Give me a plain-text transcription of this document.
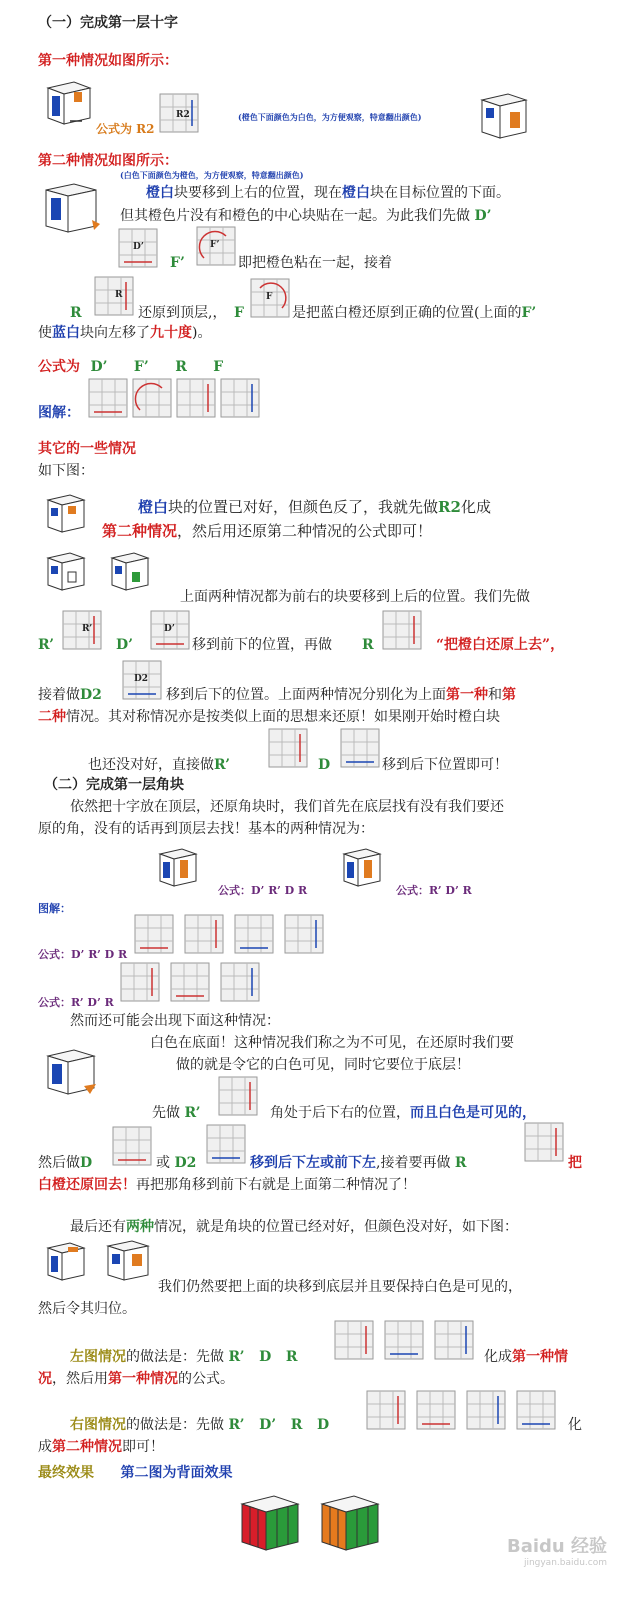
（一）完成第一层十字
第一种情况如图所示：
公式为 R2
R2	(橙色下面颜色为白色，为方便观察，特意翻出颜色)
第二种情况如图所示：
(白色下面颜色为橙色，为方便观察，特意翻出颜色)
橙白块要移到上右的位置，现在橙白块在目标位置的下面。
但其橙色片没有和橙色的中心块贴在一起。为此我们先做 D’
D’
F’
F’
即把橙色粘在一起，接着
R
R
还原到顶层,， F
F
是把蓝白橙还原到正确的位置(上面的F’
使蓝白块向左移了九十度)。
公式为 D’ F’ R F
图解：
其它的一些情况
如下图：
橙白块的位置已对好，但颜色反了，我就先做R2化成
第二种情况，然后用还原第二种情况的公式即可！
上面两种情况都为前右的块要移到上后的位置。我们先做
R’
R’
D’
D’
移到前下的位置，再做 R	“把橙白还原上去”，
接着做D2
D2
移到后下的位置。上面两种情况分别化为上面第一种和第
二种情况。其对称情况亦是按类似上面的思想来还原！如果刚开始时橙白块
也还没对好，直接做R’	D	移到后下位置即可！
（二）完成第一层角块
依然把十字放在顶层，还原角块时，我们首先在底层找有没有我们要还
原的角，没有的话再到顶层去找！基本的两种情况为：
公式：D’ R’ D R	公式：R’ D’ R
图解：
公式：D’ R’ D R
公式：R’ D’ R
然而还可能会出现下面这种情况：
白色在底面！这种情况我们称之为不可见，在还原时我们要
做的就是令它的白色可见，同时它要位于底层！
先做 R’	角处于后下右的位置，而且白色是可见的，
然后做D	或 D2	移到后下左或前下左,接着要再做 R	把
白橙还原回去！再把那角移到前下右就是上面第二种情况了！
最后还有两种情况，就是角块的位置已经对好，但颜色没对好，如下图：
我们仍然要把上面的块移到底层并且要保持白色是可见的，
然后令其归位。
左图情况的做法是：先做 R’   D   R	化成第一种情
况，然后用第一种情况的公式。
右图情况的做法是：先做 R’   D’   R   D	化
成第二种情况即可！
最终效果 第二图为背面效果
Baidu 经验
jingyan.baidu.com
